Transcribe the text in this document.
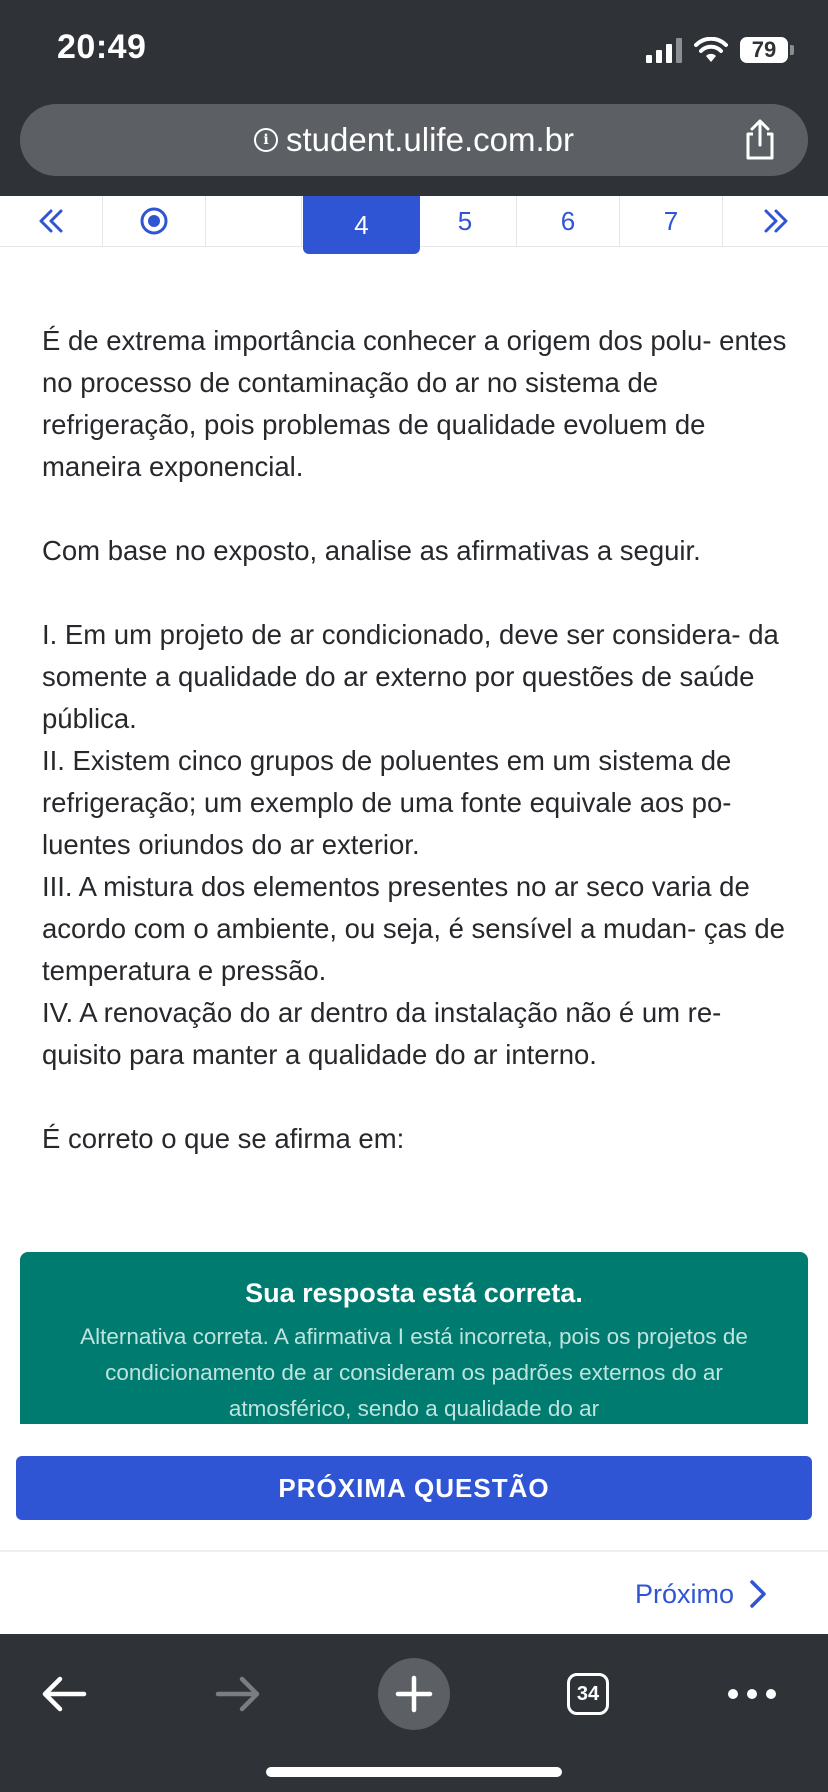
20:49	79
i student.ulife.com.br
4	5	6	7

É de extrema importância conhecer a origem dos polu- entes no processo de contaminação do ar no sistema de refrigeração, pois problemas de qualidade evoluem de maneira exponencial.

Com base no exposto, analise as afirmativas a seguir.

I. Em um projeto de ar condicionado, deve ser considera- da somente a qualidade do ar externo por questões de saúde pública.

II. Existem cinco grupos de poluentes em um sistema de refrigeração; um exemplo de uma fonte equivale aos po- luentes oriundos do ar exterior.

III. A mistura dos elementos presentes no ar seco varia de acordo com o ambiente, ou seja, é sensível a mudan- ças de temperatura e pressão.

IV. A renovação do ar dentro da instalação não é um re- quisito para manter a qualidade do ar interno.

É correto o que se afirma em:

Sua resposta está correta.
Alternativa correta. A afirmativa I está incorreta, pois os projetos de condicionamento de ar consideram os padrões externos do ar atmosférico, sendo a qualidade do ar
PRÓXIMA QUESTÃO
Próximo
34
